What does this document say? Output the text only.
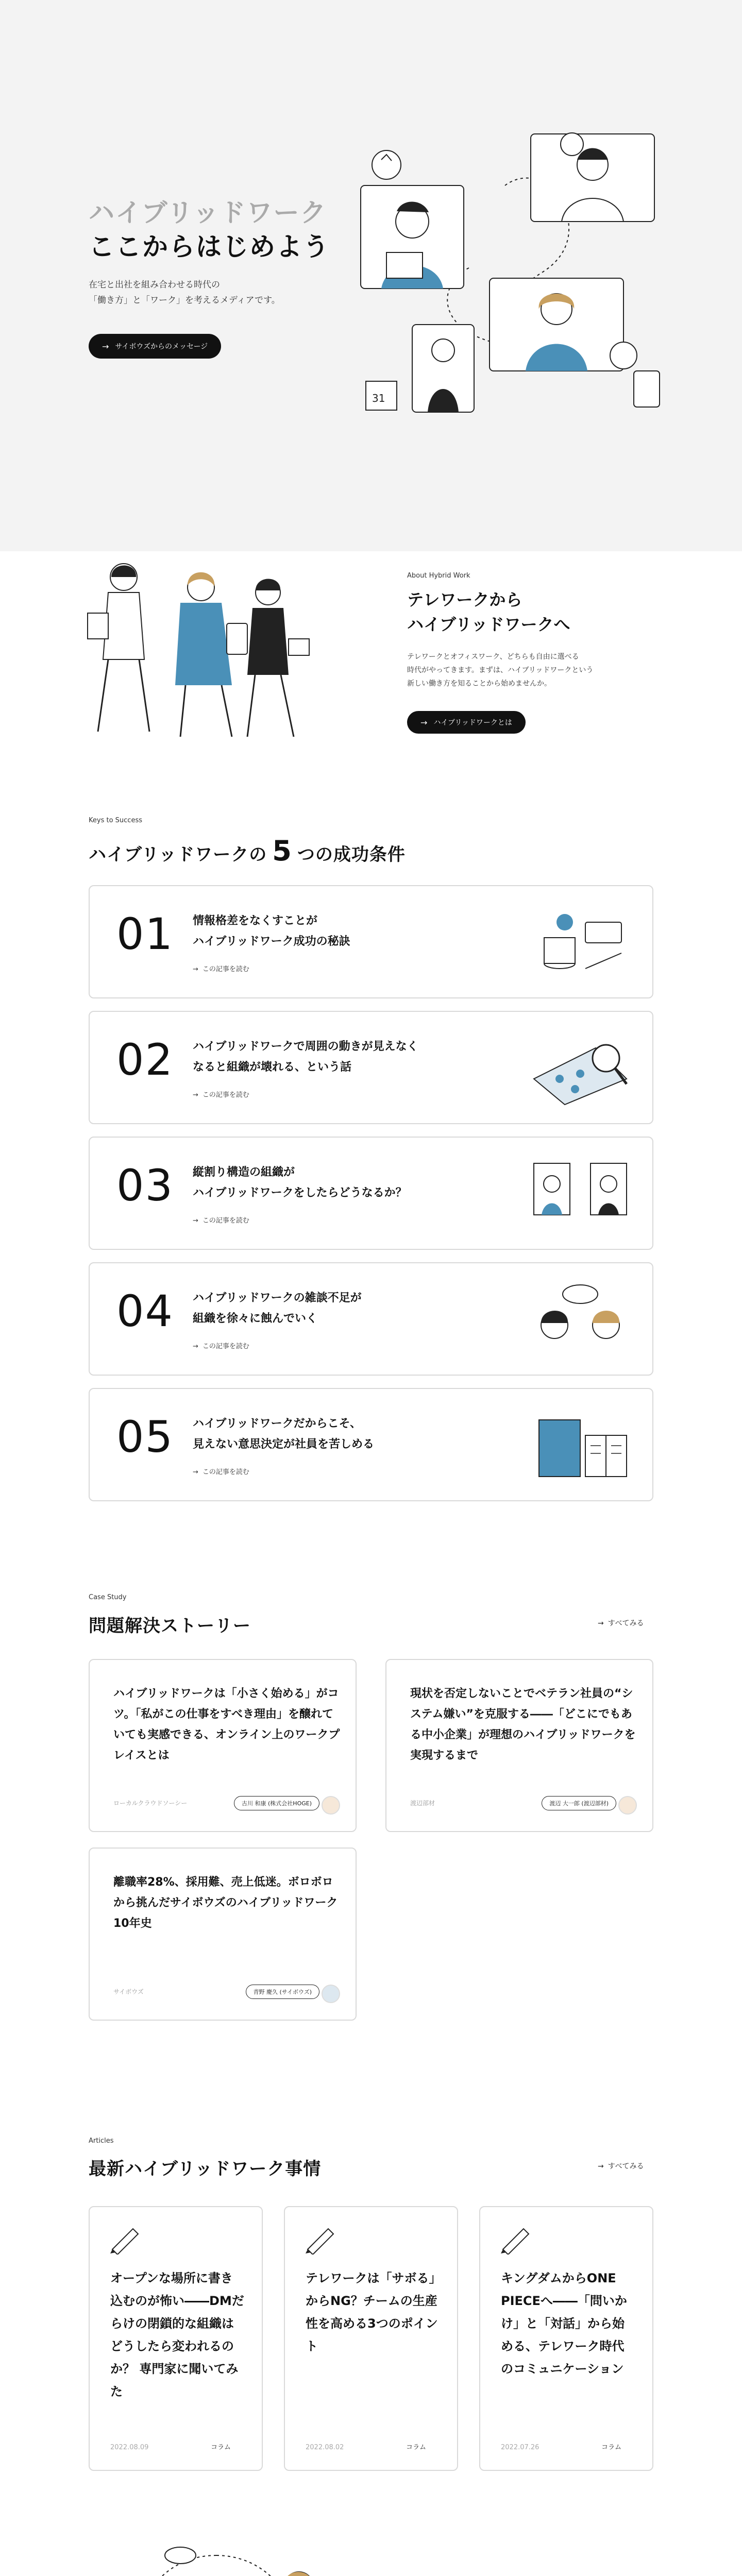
ハイブリッドワーク
ここからはじめよう
在宅と出社を組み合わせる時代の
「働き方」と「ワーク」を考えるメディアです。
→ サイボウズからのメッセージ
31
About Hybrid Work
テレワークから
ハイブリッドワークへ
テレワークとオフィスワーク、どちらも自由に選べる
時代がやってきます。まずは、ハイブリッドワークという
新しい働き方を知ることから始めませんか。
→ ハイブリッドワークとは
Keys to Success
ハイブリッドワークの 5 つの成功条件
01 情報格差をなくすことが
ハイブリッドワーク成功の秘訣
→ この記事を読む
02 ハイブリッドワークで周囲の動きが見えなく
なると組織が壊れる、という話
→ この記事を読む
03 縦割り構造の組織が
ハイブリッドワークをしたらどうなるか？
→ この記事を読む
04 ハイブリッドワークの雑談不足が
組織を徐々に蝕んでいく
→ この記事を読む
05 ハイブリッドワークだからこそ、
見えない意思決定が社員を苦しめる
→ この記事を読む
Case Study
問題解決ストーリー	→ すべてみる
ハイブリッドワークは「小さく始める」がコツ。「私がこの仕事をすべき理由」を醸れていても実感できる、オンライン上のワークプレイスとは
ローカルクラウドソーシー	古川 和康 (株式会社HOGE)
現状を否定しないことでベテラン社員の“システム嫌い”を克服する――「どこにでもある中小企業」が理想のハイブリッドワークを実現するまで
渡辺部材	渡辺 大一郎 (渡辺部材)
離職率28%、採用難、売上低迷。ボロボロから挑んだサイボウズのハイブリッドワーク10年史
サイボウズ	青野 慶久 (サイボウズ)
Articles
最新ハイブリッドワーク事情	→ すべてみる
オープンな場所に書き込むのが怖い――DMだらけの閉鎖的な組織はどうしたら変われるのか？ 専門家に聞いてみた
2022.08.09	コラム
テレワークは「サボる」からNG？チームの生産性を高める3つのポイント
2022.08.02	コラム
キングダムからONE PIECEへ――「問いかけ」と「対話」から始める、テレワーク時代のコミュニケーション
2022.07.26	コラム
